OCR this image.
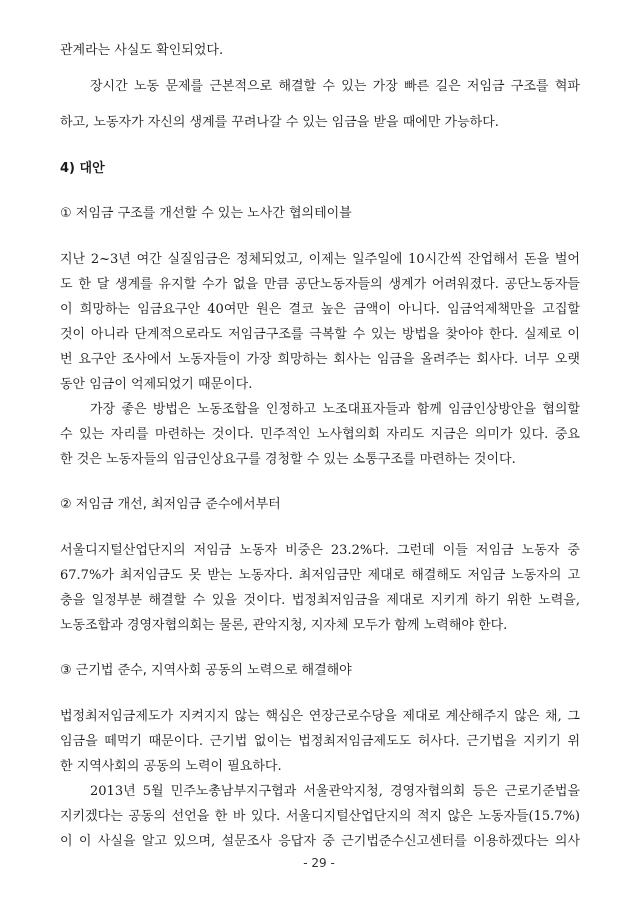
관계라는 사실도 확인되었다.
장시간 노동 문제를 근본적으로 해결할 수 있는 가장 빠른 길은 저임금 구조를 혁파
하고, 노동자가 자신의 생계를 꾸려나갈 수 있는 임금을 받을 때에만 가능하다.
4) 대안
① 저임금 구조를 개선할 수 있는 노사간 협의테이블
지난 2~3년 여간 실질임금은 정체되었고, 이제는 일주일에 10시간씩 잔업해서 돈을 벌어
도 한 달 생계를 유지할 수가 없을 만큼 공단노동자들의 생계가 어려워졌다. 공단노동자들
이 희망하는 임금요구안 40여만 원은 결코 높은 금액이 아니다. 임금억제책만을 고집할
것이 아니라 단계적으로라도 저임금구조를 극복할 수 있는 방법을 찾아야 한다. 실제로 이
번 요구안 조사에서 노동자들이 가장 희망하는 회사는 임금을 올려주는 회사다. 너무 오랫
동안 임금이 억제되었기 때문이다.
가장 좋은 방법은 노동조합을 인정하고 노조대표자들과 함께 임금인상방안을 협의할
수 있는 자리를 마련하는 것이다. 민주적인 노사협의회 자리도 지금은 의미가 있다. 중요
한 것은 노동자들의 임금인상요구를 경청할 수 있는 소통구조를 마련하는 것이다.
② 저임금 개선, 최저임금 준수에서부터
서울디지털산업단지의 저임금 노동자 비중은 23.2%다. 그런데 이들 저임금 노동자 중
67.7%가 최저임금도 못 받는 노동자다. 최저임금만 제대로 해결해도 저임금 노동자의 고
충을 일정부분 해결할 수 있을 것이다. 법정최저임금을 제대로 지키게 하기 위한 노력을,
노동조합과 경영자협의회는 물론, 관악지청, 지자체 모두가 함께 노력해야 한다.
③ 근기법 준수, 지역사회 공동의 노력으로 해결해야
법정최저임금제도가 지켜지지 않는 핵심은 연장근로수당을 제대로 계산해주지 않은 채, 그
임금을 떼먹기 때문이다. 근기법 없이는 법정최저임금제도도 허사다. 근기법을 지키기 위
한 지역사회의 공동의 노력이 필요하다.
2013년 5월 민주노총남부지구협과 서울관악지청, 경영자협의회 등은 근로기준법을
지키겠다는 공동의 선언을 한 바 있다. 서울디지털산업단지의 적지 않은 노동자들(15.7%)
이 이 사실을 알고 있으며, 설문조사 응답자 중 근기법준수신고센터를 이용하겠다는 의사
- 29 -
